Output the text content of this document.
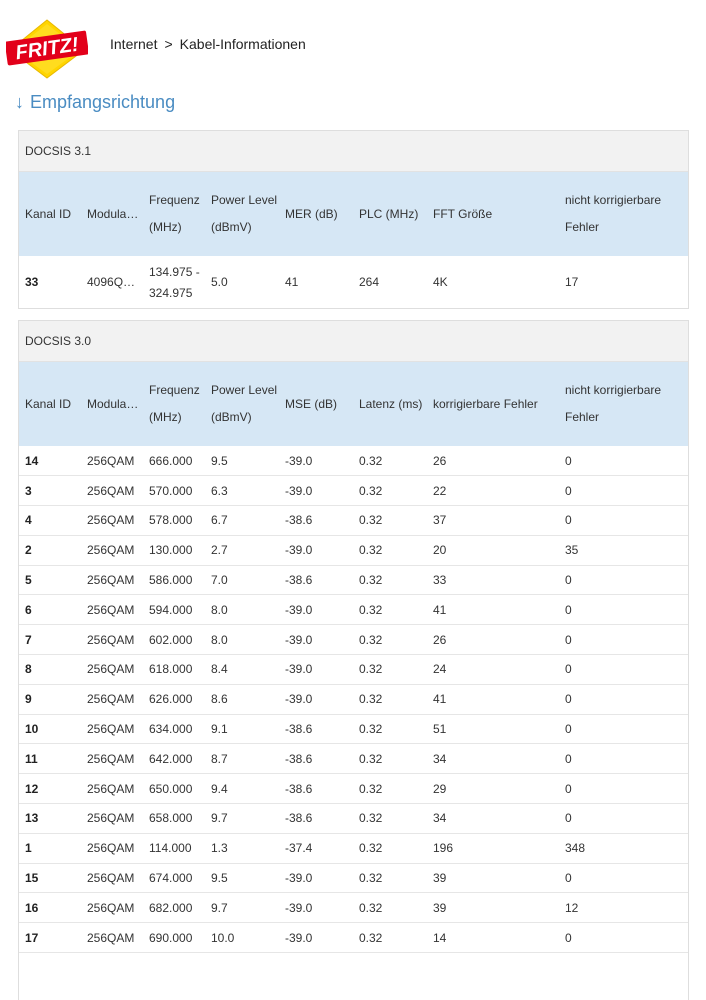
FRITZ! Internet > Kabel-Informationen
↓ Empfangsrichtung
DOCSIS 3.1
Kanal ID	Modula…	Frequenz (MHz)	Power Level (dBmV)	MER (dB)	PLC (MHz)	FFT Größe	nicht korrigierbare Fehler
33	4096Q…	134.975 - 324.975	5.0	41	264	4K	17
DOCSIS 3.0
Kanal ID	Modula…	Frequenz (MHz)	Power Level (dBmV)	MSE (dB)	Latenz (ms)	korrigierbare Fehler	nicht korrigierbare Fehler
14	256QAM	666.000	9.5	-39.0	0.32	26	0
3	256QAM	570.000	6.3	-39.0	0.32	22	0
4	256QAM	578.000	6.7	-38.6	0.32	37	0
2	256QAM	130.000	2.7	-39.0	0.32	20	35
5	256QAM	586.000	7.0	-38.6	0.32	33	0
6	256QAM	594.000	8.0	-39.0	0.32	41	0
7	256QAM	602.000	8.0	-39.0	0.32	26	0
8	256QAM	618.000	8.4	-39.0	0.32	24	0
9	256QAM	626.000	8.6	-39.0	0.32	41	0
10	256QAM	634.000	9.1	-38.6	0.32	51	0
11	256QAM	642.000	8.7	-38.6	0.32	34	0
12	256QAM	650.000	9.4	-38.6	0.32	29	0
13	256QAM	658.000	9.7	-38.6	0.32	34	0
1	256QAM	114.000	1.3	-37.4	0.32	196	348
15	256QAM	674.000	9.5	-39.0	0.32	39	0
16	256QAM	682.000	9.7	-39.0	0.32	39	12
17	256QAM	690.000	10.0	-39.0	0.32	14	0
